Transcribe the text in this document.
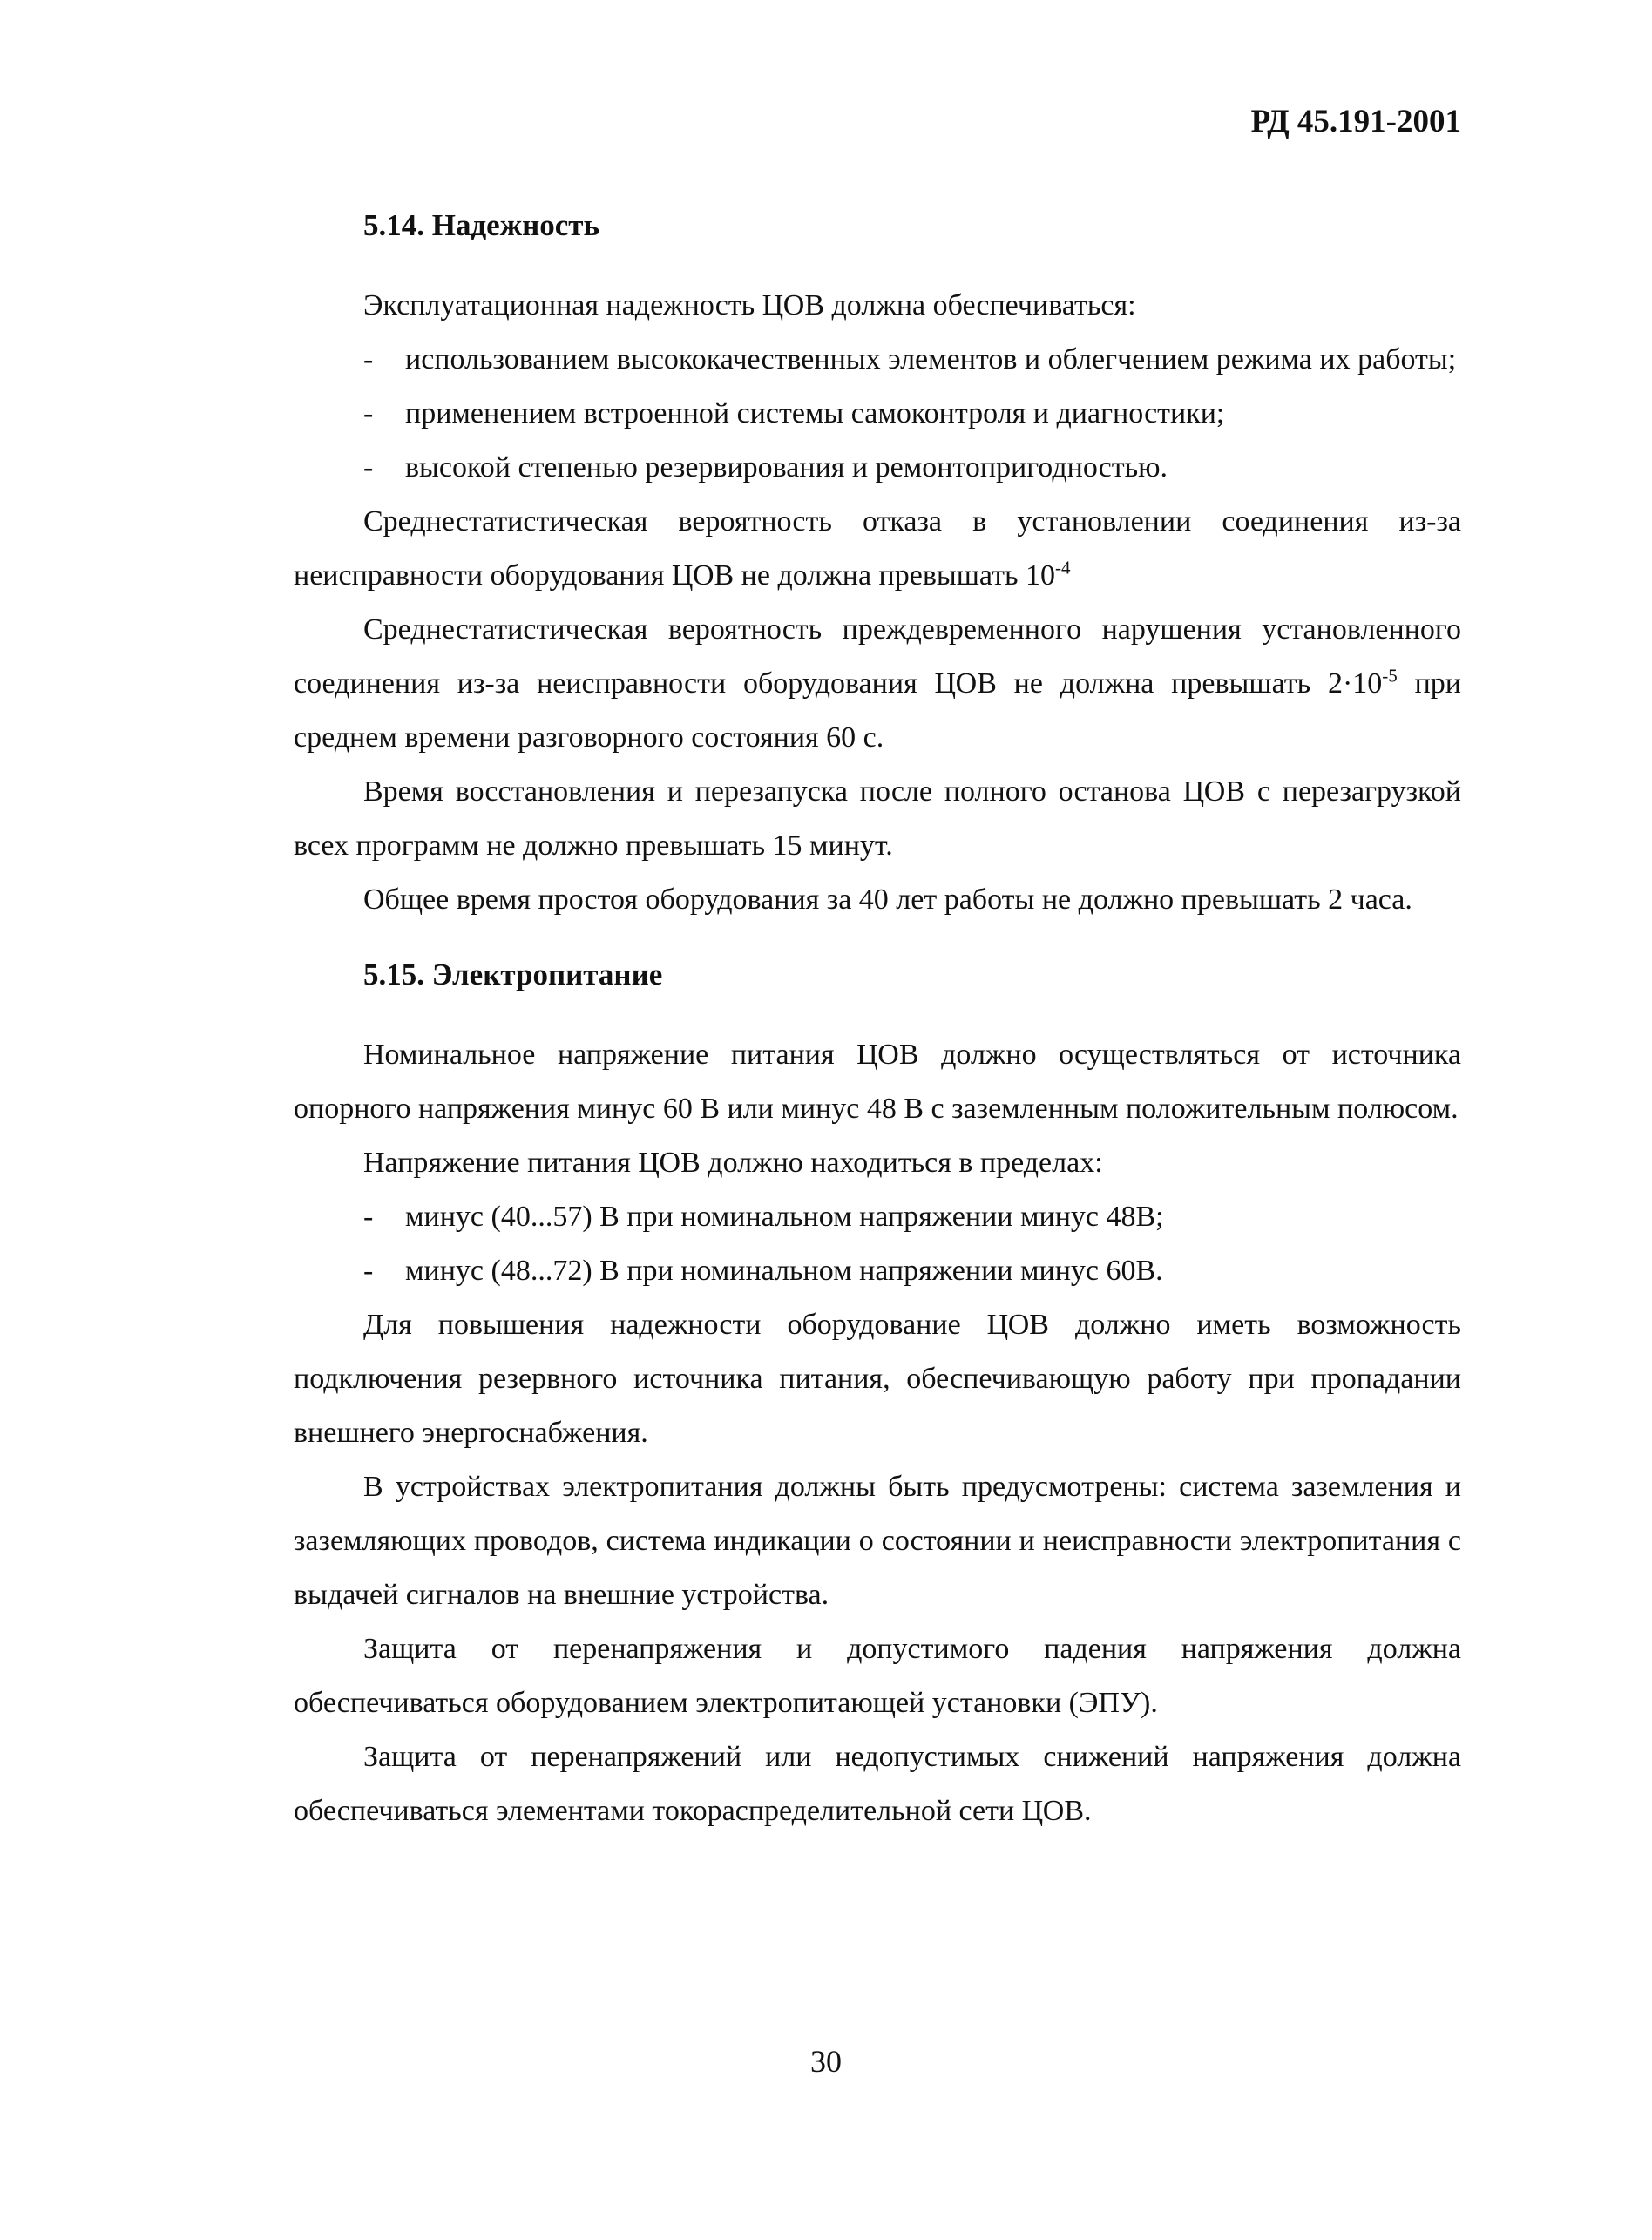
РД 45.191-2001
5.14. Надежность

Эксплуатационная надежность ЦОВ должна обеспечиваться:

- использованием высококачественных элементов и облегчением режима их работы;
- применением встроенной системы самоконтроля и диагностики;
- высокой степенью резервирования и ремонтопригодностью.

Среднестатистическая вероятность отказа в установлении соединения из-за неисправности оборудования ЦОВ не должна превышать $10^{-4}$

Среднестатистическая вероятность преждевременного нарушения установленного соединения из-за неисправности оборудования ЦОВ не должна превышать $2\cdot 10^{-5}$ при среднем времени разговорного состояния 60 с.

Время восстановления и перезапуска после полного останова ЦОВ с перезагрузкой всех программ не должно превышать 15 минут.

Общее время простоя оборудования за 40 лет работы не должно превышать 2 часа.

5.15. Электропитание

Номинальное напряжение питания ЦОВ должно осуществляться от источника опорного напряжения минус 60 В или минус 48 В с заземленным положительным полюсом.

Напряжение питания ЦОВ должно находиться в пределах:

- минус (40...57) В при номинальном напряжении минус 48В;
- минус (48...72) В при номинальном напряжении минус 60В.

Для повышения надежности оборудование ЦОВ должно иметь возможность подключения резервного источника питания, обеспечивающую работу при пропадании внешнего энергоснабжения.

В устройствах электропитания должны быть предусмотрены: система заземления и заземляющих проводов, система индикации о состоянии и неисправности электропитания с выдачей сигналов на внешние устройства.

Защита от перенапряжения и допустимого падения напряжения должна обеспечиваться оборудованием электропитающей установки (ЭПУ).

Защита от перенапряжений или недопустимых снижений напряжения должна обеспечиваться элементами токораспределительной сети ЦОВ.

30
